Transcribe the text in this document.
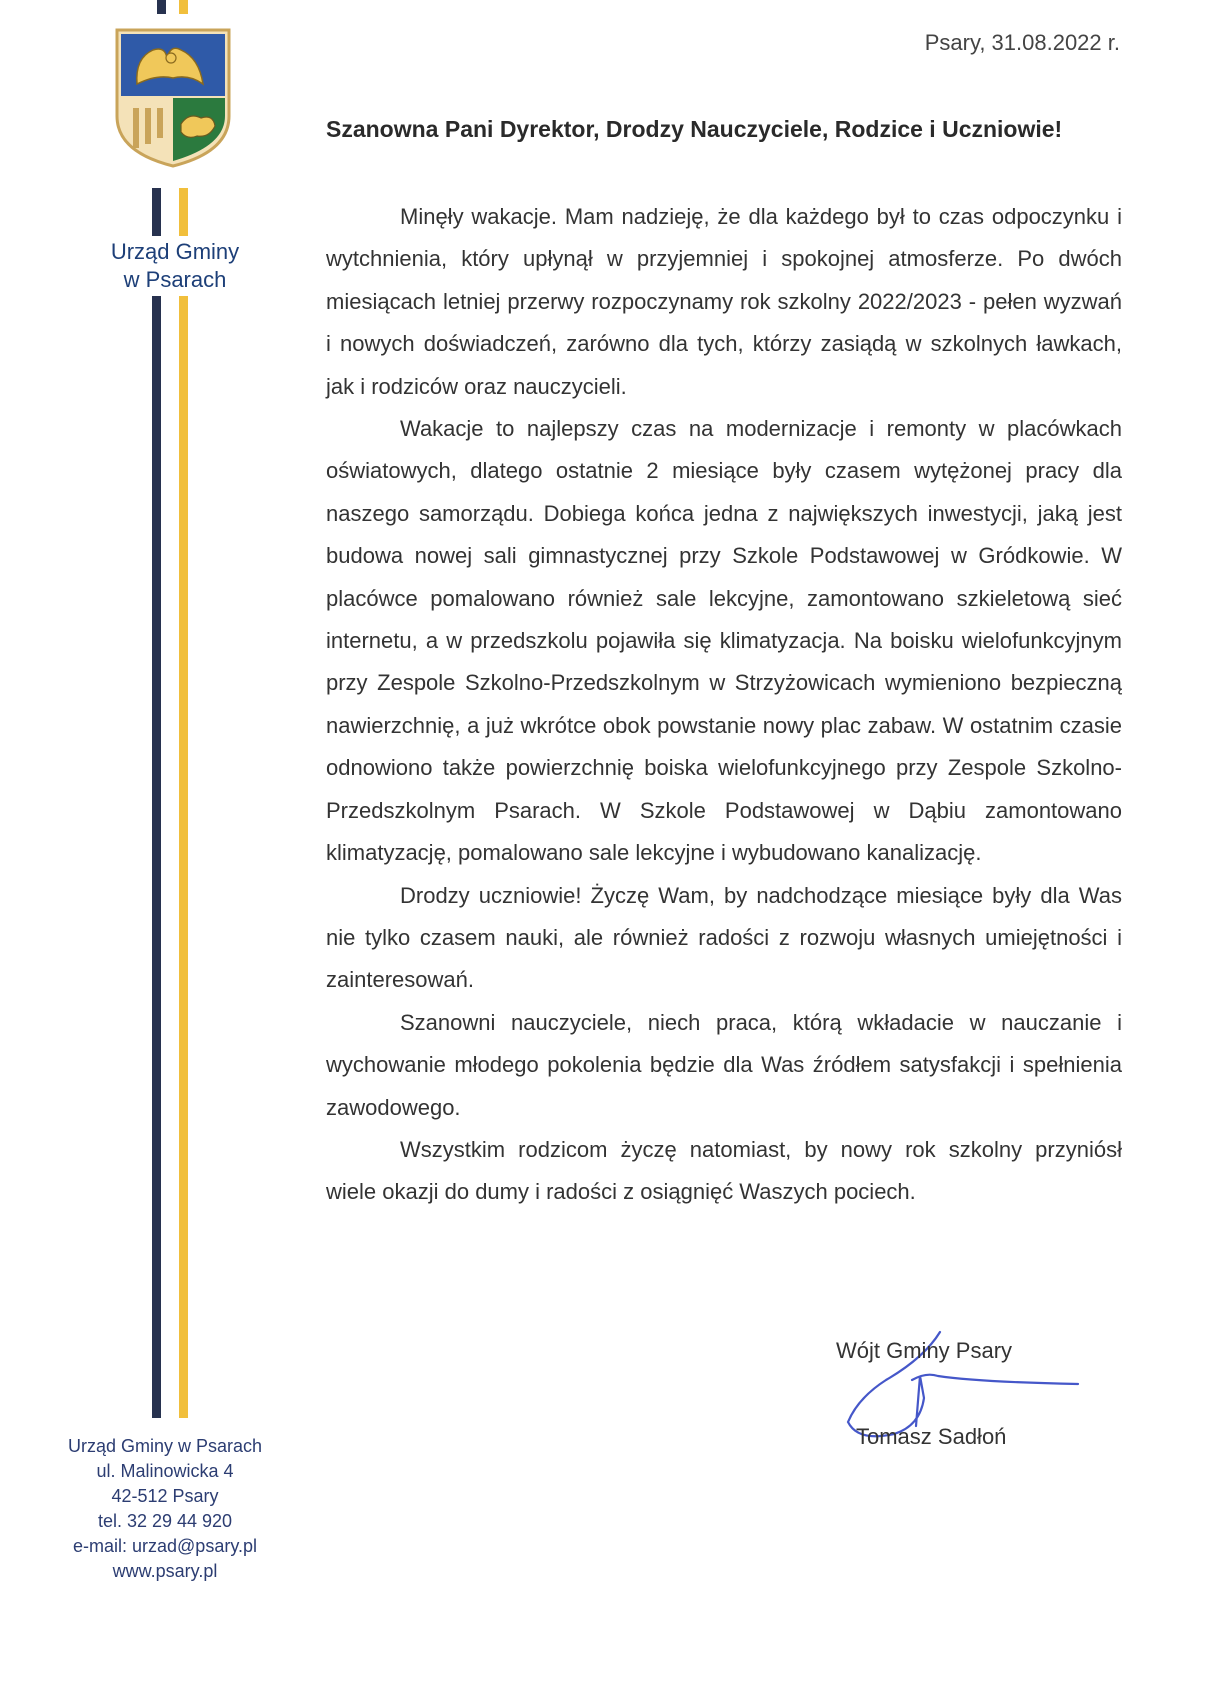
Urząd Gminy
w Psarach
Urząd Gminy w Psarach
ul. Malinowicka 4
42-512 Psary
tel. 32 29 44 920
e-mail: urzad@psary.pl
www.psary.pl
Psary, 31.08.2022 r.
Szanowna Pani Dyrektor, Drodzy Nauczyciele, Rodzice i Uczniowie!

Minęły wakacje. Mam nadzieję, że dla każdego był to czas odpoczynku i wytchnienia, który upłynął w przyjemniej i spokojnej atmosferze. Po dwóch miesiącach letniej przerwy rozpoczynamy rok szkolny 2022/2023 - pełen wyzwań i nowych doświadczeń, zarówno dla tych, którzy zasiądą w szkolnych ławkach, jak i rodziców oraz nauczycieli.

Wakacje to najlepszy czas na modernizacje i remonty w placówkach oświatowych, dlatego ostatnie 2 miesiące były czasem wytężonej pracy dla naszego samorządu. Dobiega końca jedna z największych inwestycji, jaką jest budowa nowej sali gimnastycznej przy Szkole Podstawowej w Gródkowie. W placówce pomalowano również sale lekcyjne, zamontowano szkieletową sieć internetu, a w przedszkolu pojawiła się klimatyzacja. Na boisku wielofunkcyjnym przy Zespole Szkolno-Przedszkolnym w Strzyżowicach wymieniono bezpieczną nawierzchnię, a już wkrótce obok powstanie nowy plac zabaw. W ostatnim czasie odnowiono także powierzchnię boiska wielofunkcyjnego przy Zespole Szkolno-Przedszkolnym Psarach. W Szkole Podstawowej w Dąbiu zamontowano klimatyzację, pomalowano sale lekcyjne i wybudowano kanalizację.

Drodzy uczniowie! Życzę Wam, by nadchodzące miesiące były dla Was nie tylko czasem nauki, ale również radości z rozwoju własnych umiejętności i zainteresowań.

Szanowni nauczyciele, niech praca, którą wkładacie w nauczanie i wychowanie młodego pokolenia będzie dla Was źródłem satysfakcji i spełnienia zawodowego.

Wszystkim rodzicom życzę natomiast, by nowy rok szkolny przyniósł wiele okazji do dumy i radości z osiągnięć Waszych pociech.

Wójt Gminy Psary
Tomasz Sadłoń
